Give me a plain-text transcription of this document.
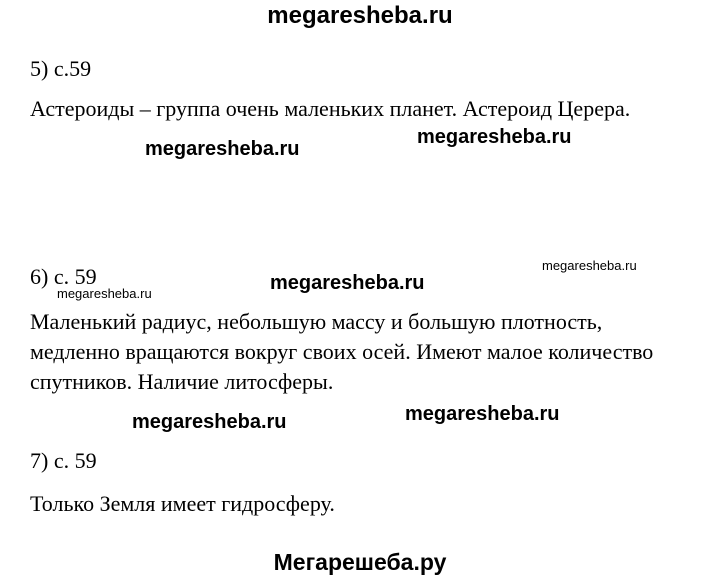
megaresheba.ru
5) с.59
Астероиды – группа очень маленьких планет. Астероид Церера.
megaresheba.ru
megaresheba.ru
megaresheba.ru
6) с. 59	megaresheba.ru
megaresheba.ru
Маленький радиус, небольшую массу и большую плотность,
медленно вращаются вокруг своих осей. Имеют малое количество
спутников. Наличие литосферы.
megaresheba.ru	megaresheba.ru
7) с. 59
Только Земля имеет гидросферу.
Мегарешеба.ру
